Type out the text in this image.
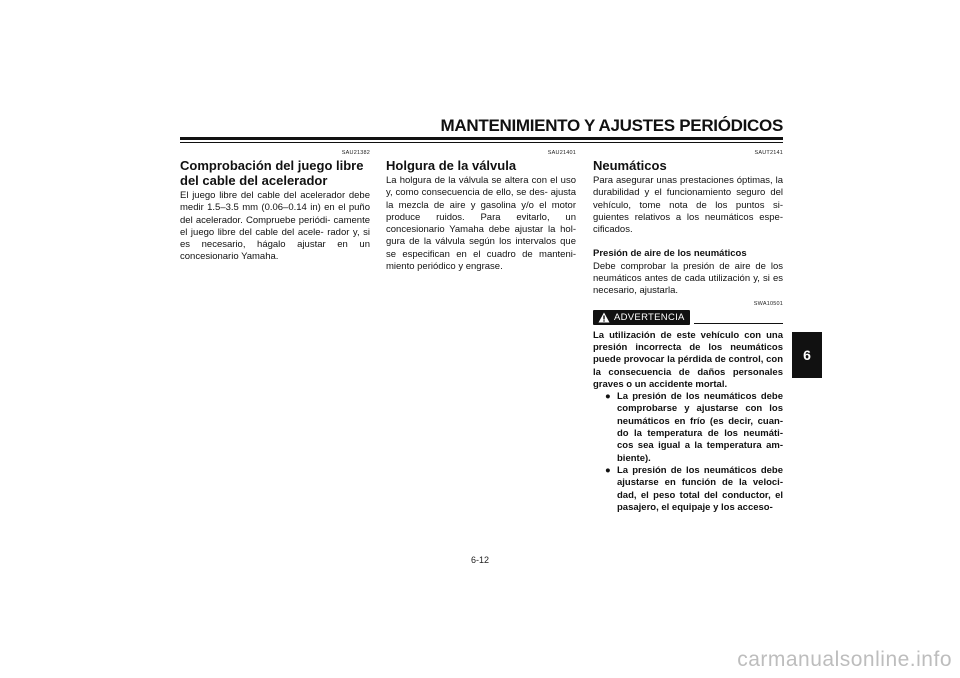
MANTENIMIENTO Y AJUSTES PERIÓDICOS
6
SAU21382
Comprobación del juego libre del cable del acelerador

El juego libre del cable del acelerador debe medir 1.5–3.5 mm (0.06–0.14 in) en el puño del acelerador. Compruebe periódi- camente el juego libre del cable del acele- rador y, si es necesario, hágalo ajustar en un concesionario Yamaha.

SAU21401
Holgura de la válvula

La holgura de la válvula se altera con el uso y, como consecuencia de ello, se des- ajusta la mezcla de aire y gasolina y/o el motor produce ruidos. Para evitarlo, un concesionario Yamaha debe ajustar la hol- gura de la válvula según los intervalos que se especifican en el cuadro de manteni- miento periódico y engrase.

SAUT2141
Neumáticos

Para asegurar unas prestaciones óptimas, la durabilidad y el funcionamiento seguro del vehículo, tome nota de los puntos si- guientes relativos a los neumáticos espe- cificados.

Presión de aire de los neumáticos

Debe comprobar la presión de aire de los neumáticos antes de cada utilización y, si es necesario, ajustarla.

SWA10501
ADVERTENCIA

La utilización de este vehículo con una presión incorrecta de los neumáticos puede provocar la pérdida de control, con la consecuencia de daños personales graves o un accidente mortal.

● La presión de los neumáticos debe comprobarse y ajustarse con los neumáticos en frío (es decir, cuan- do la temperatura de los neumáti- cos sea igual a la temperatura am- biente).
● La presión de los neumáticos debe ajustarse en función de la veloci- dad, el peso total del conductor, el pasajero, el equipaje y los acceso-
6-12
carmanualsonline.info
